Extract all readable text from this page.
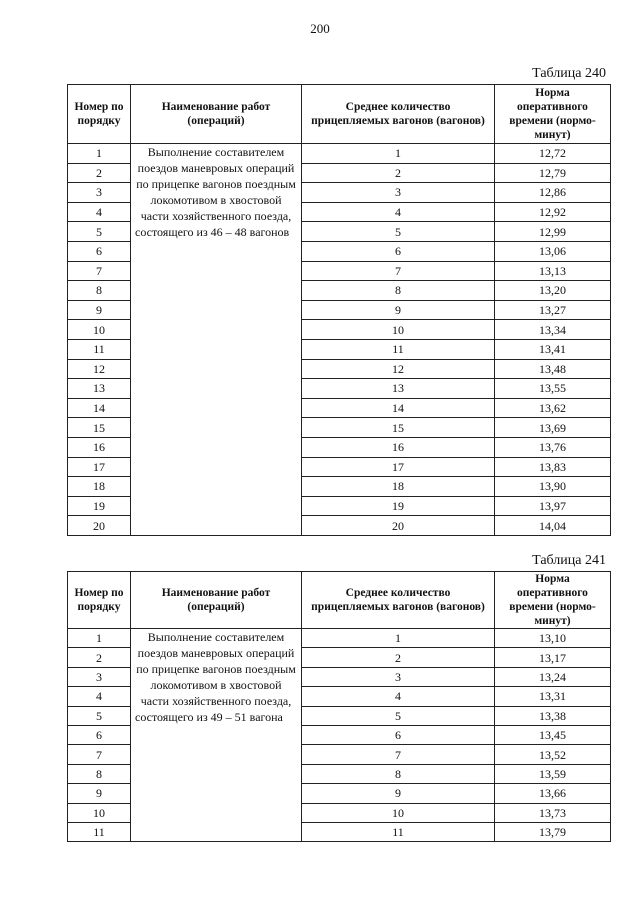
200
Таблица 240
Номер по порядку	Наименование работ (операций)	Среднее количество прицепляемых вагонов (вагонов)	Норма оперативного времени (нормо-минут)
1	Выполнение составителем поездов маневровых операций по прицепке вагонов поездным локомотивом в хвостовой части хозяйственного поезда, состоящего из 46 – 48 вагонов	1	12,72
2		2	12,79
3		3	12,86
4		4	12,92
5		5	12,99
6		6	13,06
7		7	13,13
8		8	13,20
9		9	13,27
10		10	13,34
11		11	13,41
12		12	13,48
13		13	13,55
14		14	13,62
15		15	13,69
16		16	13,76
17		17	13,83
18		18	13,90
19		19	13,97
20		20	14,04
Таблица 241
Номер по порядку	Наименование работ (операций)	Среднее количество прицепляемых вагонов (вагонов)	Норма оперативного времени (нормо-минут)
1	Выполнение составителем поездов маневровых операций по прицепке вагонов поездным локомотивом в хвостовой части хозяйственного поезда, состоящего из 49 – 51 вагона	1	13,10
2		2	13,17
3		3	13,24
4		4	13,31
5		5	13,38
6		6	13,45
7		7	13,52
8		8	13,59
9		9	13,66
10		10	13,73
11		11	13,79
